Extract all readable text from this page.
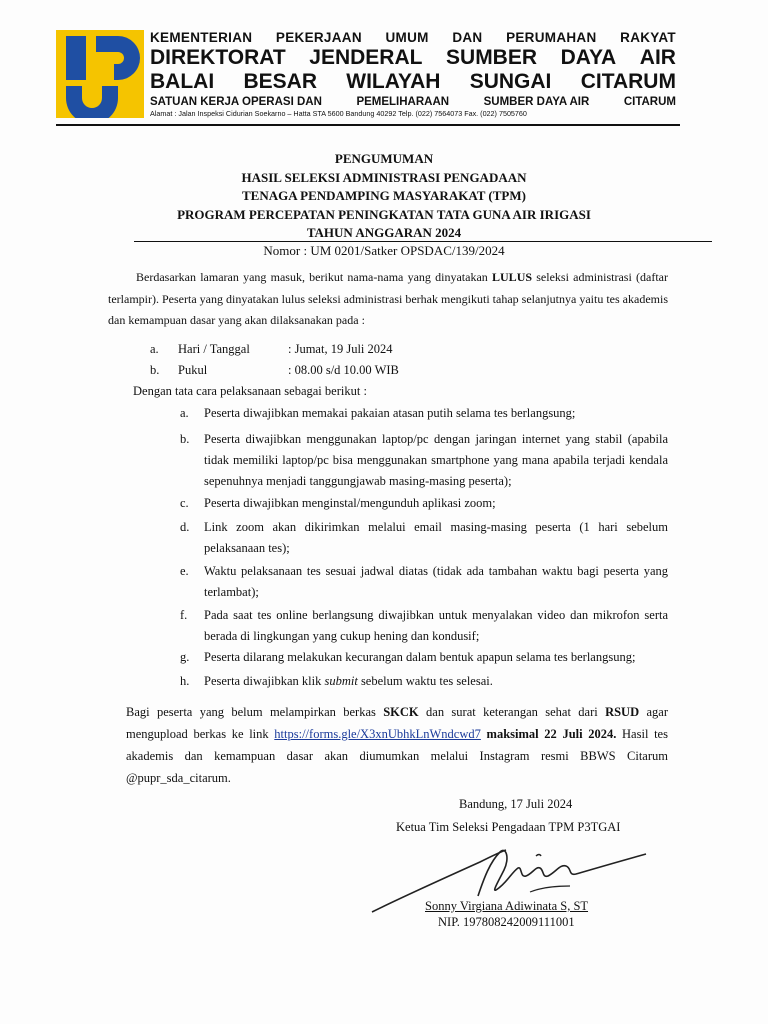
KEMENTERIAN PEKERJAAN UMUM DAN PERUMAHAN RAKYAT
DIREKTORAT JENDERAL SUMBER DAYA AIR
BALAI BESAR WILAYAH SUNGAI CITARUM
SATUAN KERJA OPERASI DAN	PEMELIHARAAN	SUMBER DAYA AIR	CITARUM
Alamat : Jalan Inspeksi Cidurian Soekarno – Hatta STA 5600 Bandung 40292 Telp. (022) 7564073 Fax. (022) 7505760
PENGUMUMAN
HASIL SELEKSI ADMINISTRASI PENGADAAN
TENAGA PENDAMPING MASYARAKAT (TPM)
PROGRAM PERCEPATAN PENINGKATAN TATA GUNA AIR IRIGASI
TAHUN ANGGARAN 2024
Nomor : UM 0201/Satker OPSDAC/139/2024
Berdasarkan lamaran yang masuk, berikut nama-nama yang dinyatakan LULUS seleksi administrasi (daftar terlampir). Peserta yang dinyatakan lulus seleksi administrasi berhak mengikuti tahap selanjutnya yaitu tes akademis dan kemampuan dasar yang akan dilaksanakan pada :
a.	Hari / Tanggal	: Jumat, 19 Juli 2024
b.	Pukul	: 08.00 s/d 10.00 WIB
Dengan tata cara pelaksanaan sebagai berikut :
a.	Peserta diwajibkan memakai pakaian atasan putih selama tes berlangsung;
b.	Peserta diwajibkan menggunakan laptop/pc dengan jaringan internet yang stabil (apabila tidak memiliki laptop/pc bisa menggunakan smartphone yang mana apabila terjadi kendala sepenuhnya menjadi tanggungjawab masing-masing peserta);
c.	Peserta diwajibkan menginstal/mengunduh aplikasi zoom;
d.	Link zoom akan dikirimkan melalui email masing-masing peserta (1 hari sebelum pelaksanaan tes);
e.	Waktu pelaksanaan tes sesuai jadwal diatas (tidak ada tambahan waktu bagi peserta yang terlambat);
f.	Pada saat tes online berlangsung diwajibkan untuk menyalakan video dan mikrofon serta berada di lingkungan yang cukup hening dan kondusif;
g.	Peserta dilarang melakukan kecurangan dalam bentuk apapun selama tes berlangsung;
h.	Peserta diwajibkan klik submit sebelum waktu tes selesai.
Bagi peserta yang belum melampirkan berkas SKCK dan surat keterangan sehat dari RSUD agar mengupload berkas ke link https://forms.gle/X3xnUbhkLnWndcwd7 maksimal 22 Juli 2024. Hasil tes akademis dan kemampuan dasar akan diumumkan melalui Instagram resmi BBWS Citarum @pupr_sda_citarum.
Bandung, 17 Juli 2024
Ketua Tim Seleksi Pengadaan TPM P3TGAI
Sonny Virgiana Adiwinata S, ST
NIP. 197808242009111001
